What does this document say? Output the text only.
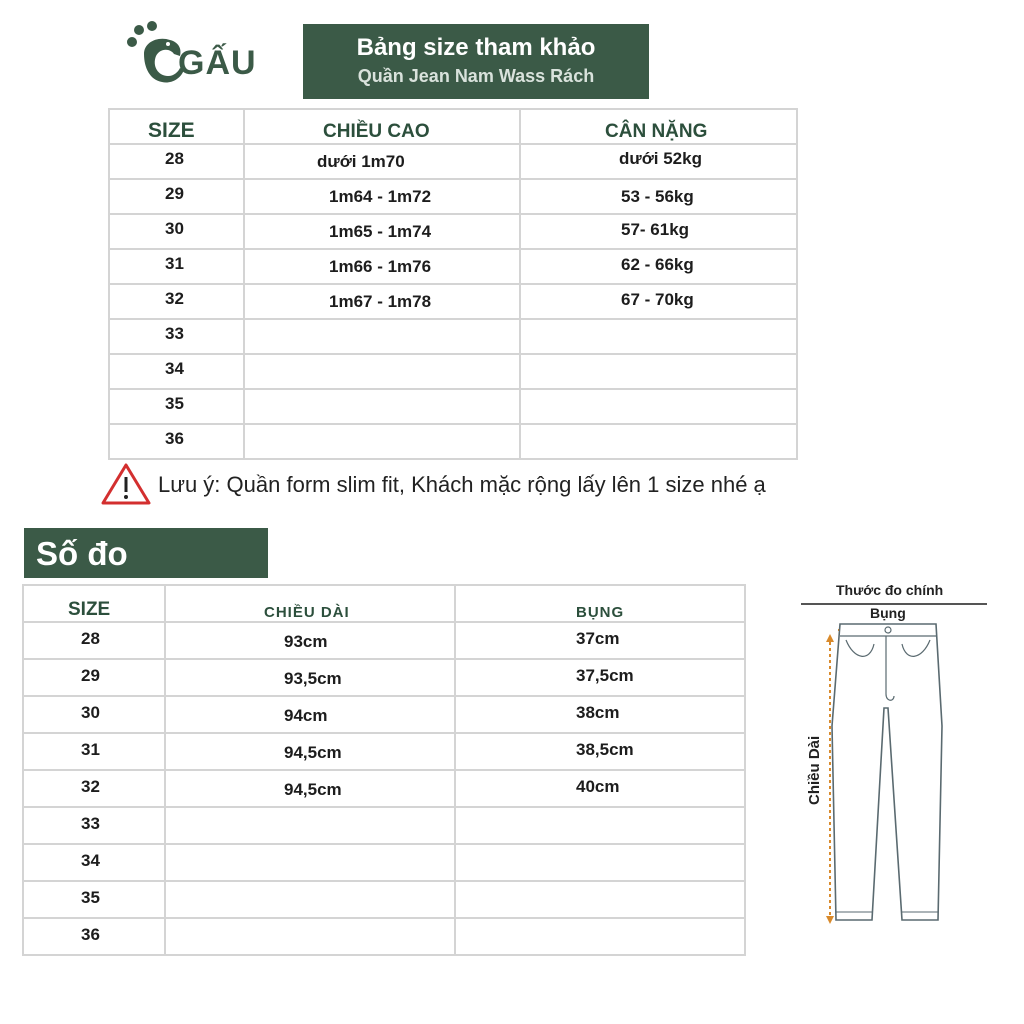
GẤU	Bảng size tham khảo
Quần Jean Nam Wass Rách
SIZE	CHIỀU CAO	CÂN NẶNG
28	dưới 1m70	dưới 52kg
29	1m64 - 1m72	53 - 56kg
30	1m65 - 1m74	57- 61kg
31	1m66 - 1m76	62 - 66kg
32	1m67 - 1m78	67 - 70kg
33		
34		
35		
36		
Lưu ý: Quần form slim fit, Khách mặc rộng lấy lên 1 size nhé ạ
Số đo
SIZE	CHIỀU DÀI	BỤNG
28	93cm	37cm
29	93,5cm	37,5cm
30	94cm	38cm
31	94,5cm	38,5cm
32	94,5cm	40cm
33		
34		
35		
36		
Thước đo chính
Bụng
Chiều Dài
